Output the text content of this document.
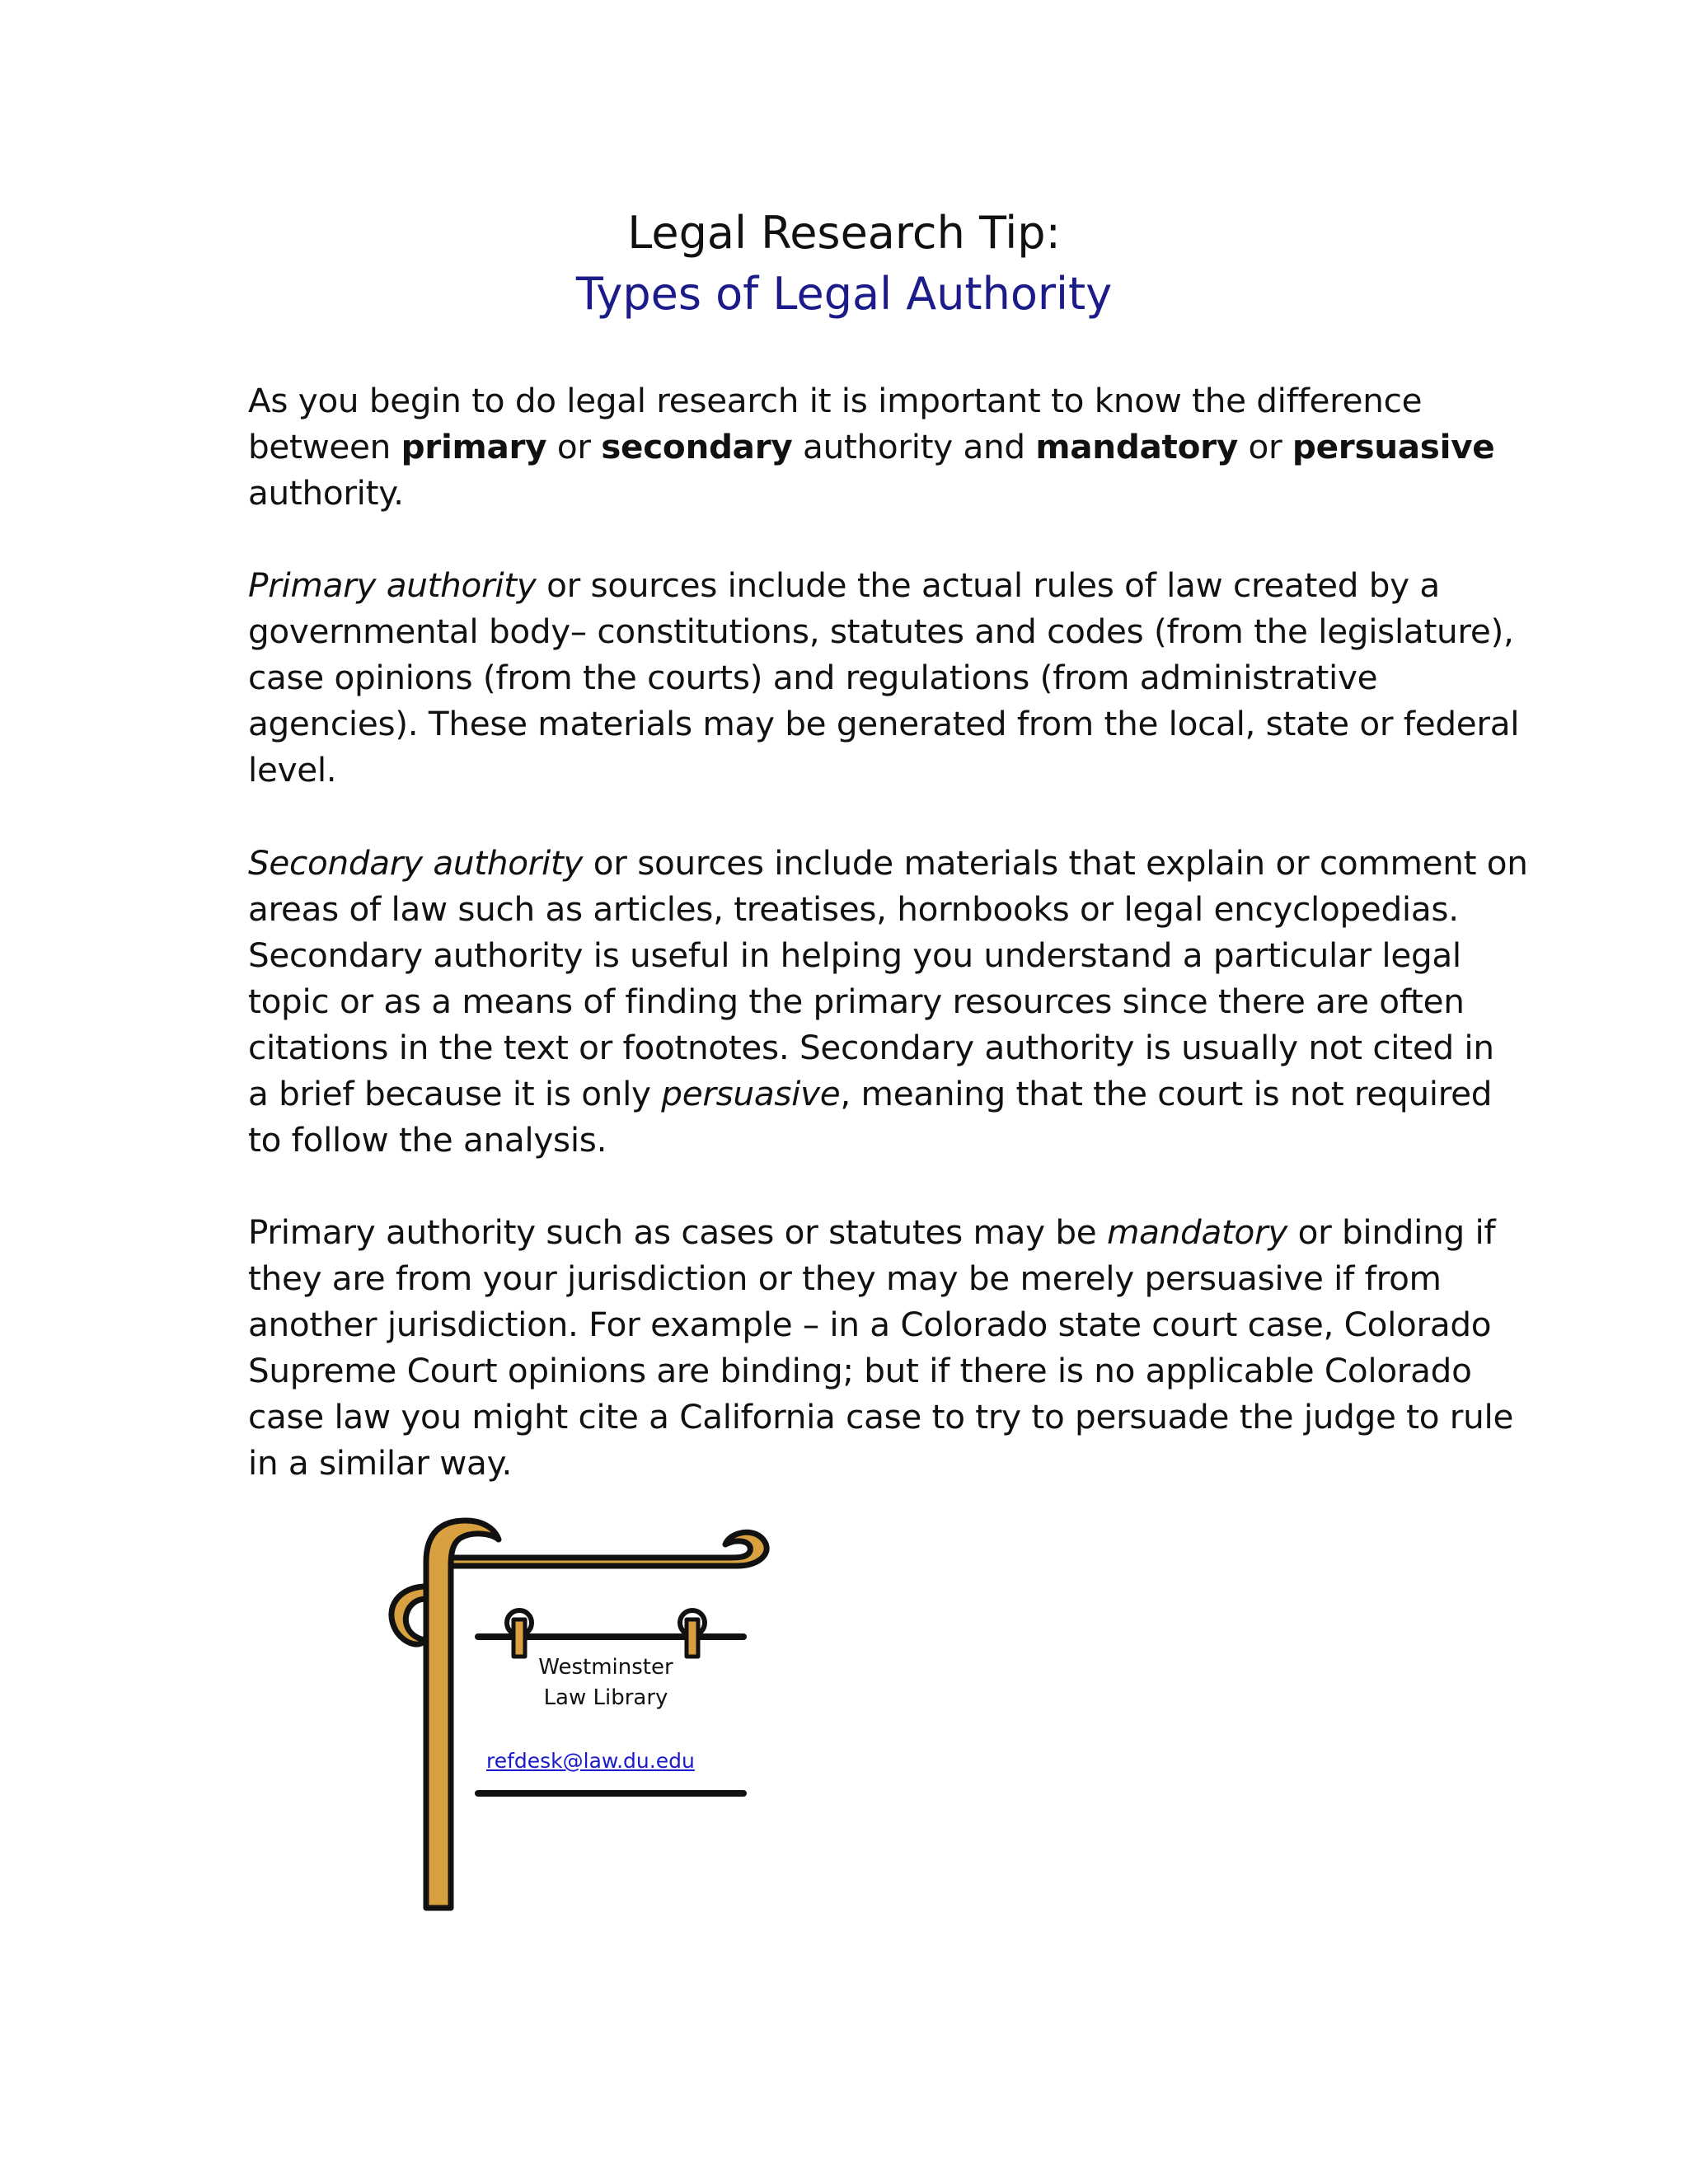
Legal Research Tip:
Types of Legal Authority
As you begin to do legal research it is important to know the difference
between primary or secondary authority and mandatory or persuasive
authority.
Primary authority or sources include the actual rules of law created by a
governmental body– constitutions, statutes and codes (from the legislature),
case opinions (from the courts) and regulations (from administrative
agencies). These materials may be generated from the local, state or federal
level.
Secondary authority or sources include materials that explain or comment on
areas of law such as articles, treatises, hornbooks or legal encyclopedias.
Secondary authority is useful in helping you understand a particular legal
topic or as a means of finding the primary resources since there are often
citations in the text or footnotes. Secondary authority is usually not cited in
a brief because it is only persuasive, meaning that the court is not required
to follow the analysis.
Primary authority such as cases or statutes may be mandatory or binding if
they are from your jurisdiction or they may be merely persuasive if from
another jurisdiction. For example – in a Colorado state court case, Colorado
Supreme Court opinions are binding; but if there is no applicable Colorado
case law you might cite a California case to try to persuade the judge to rule
in a similar way.
Westminster
Law Library
refdesk@law.du.edu
